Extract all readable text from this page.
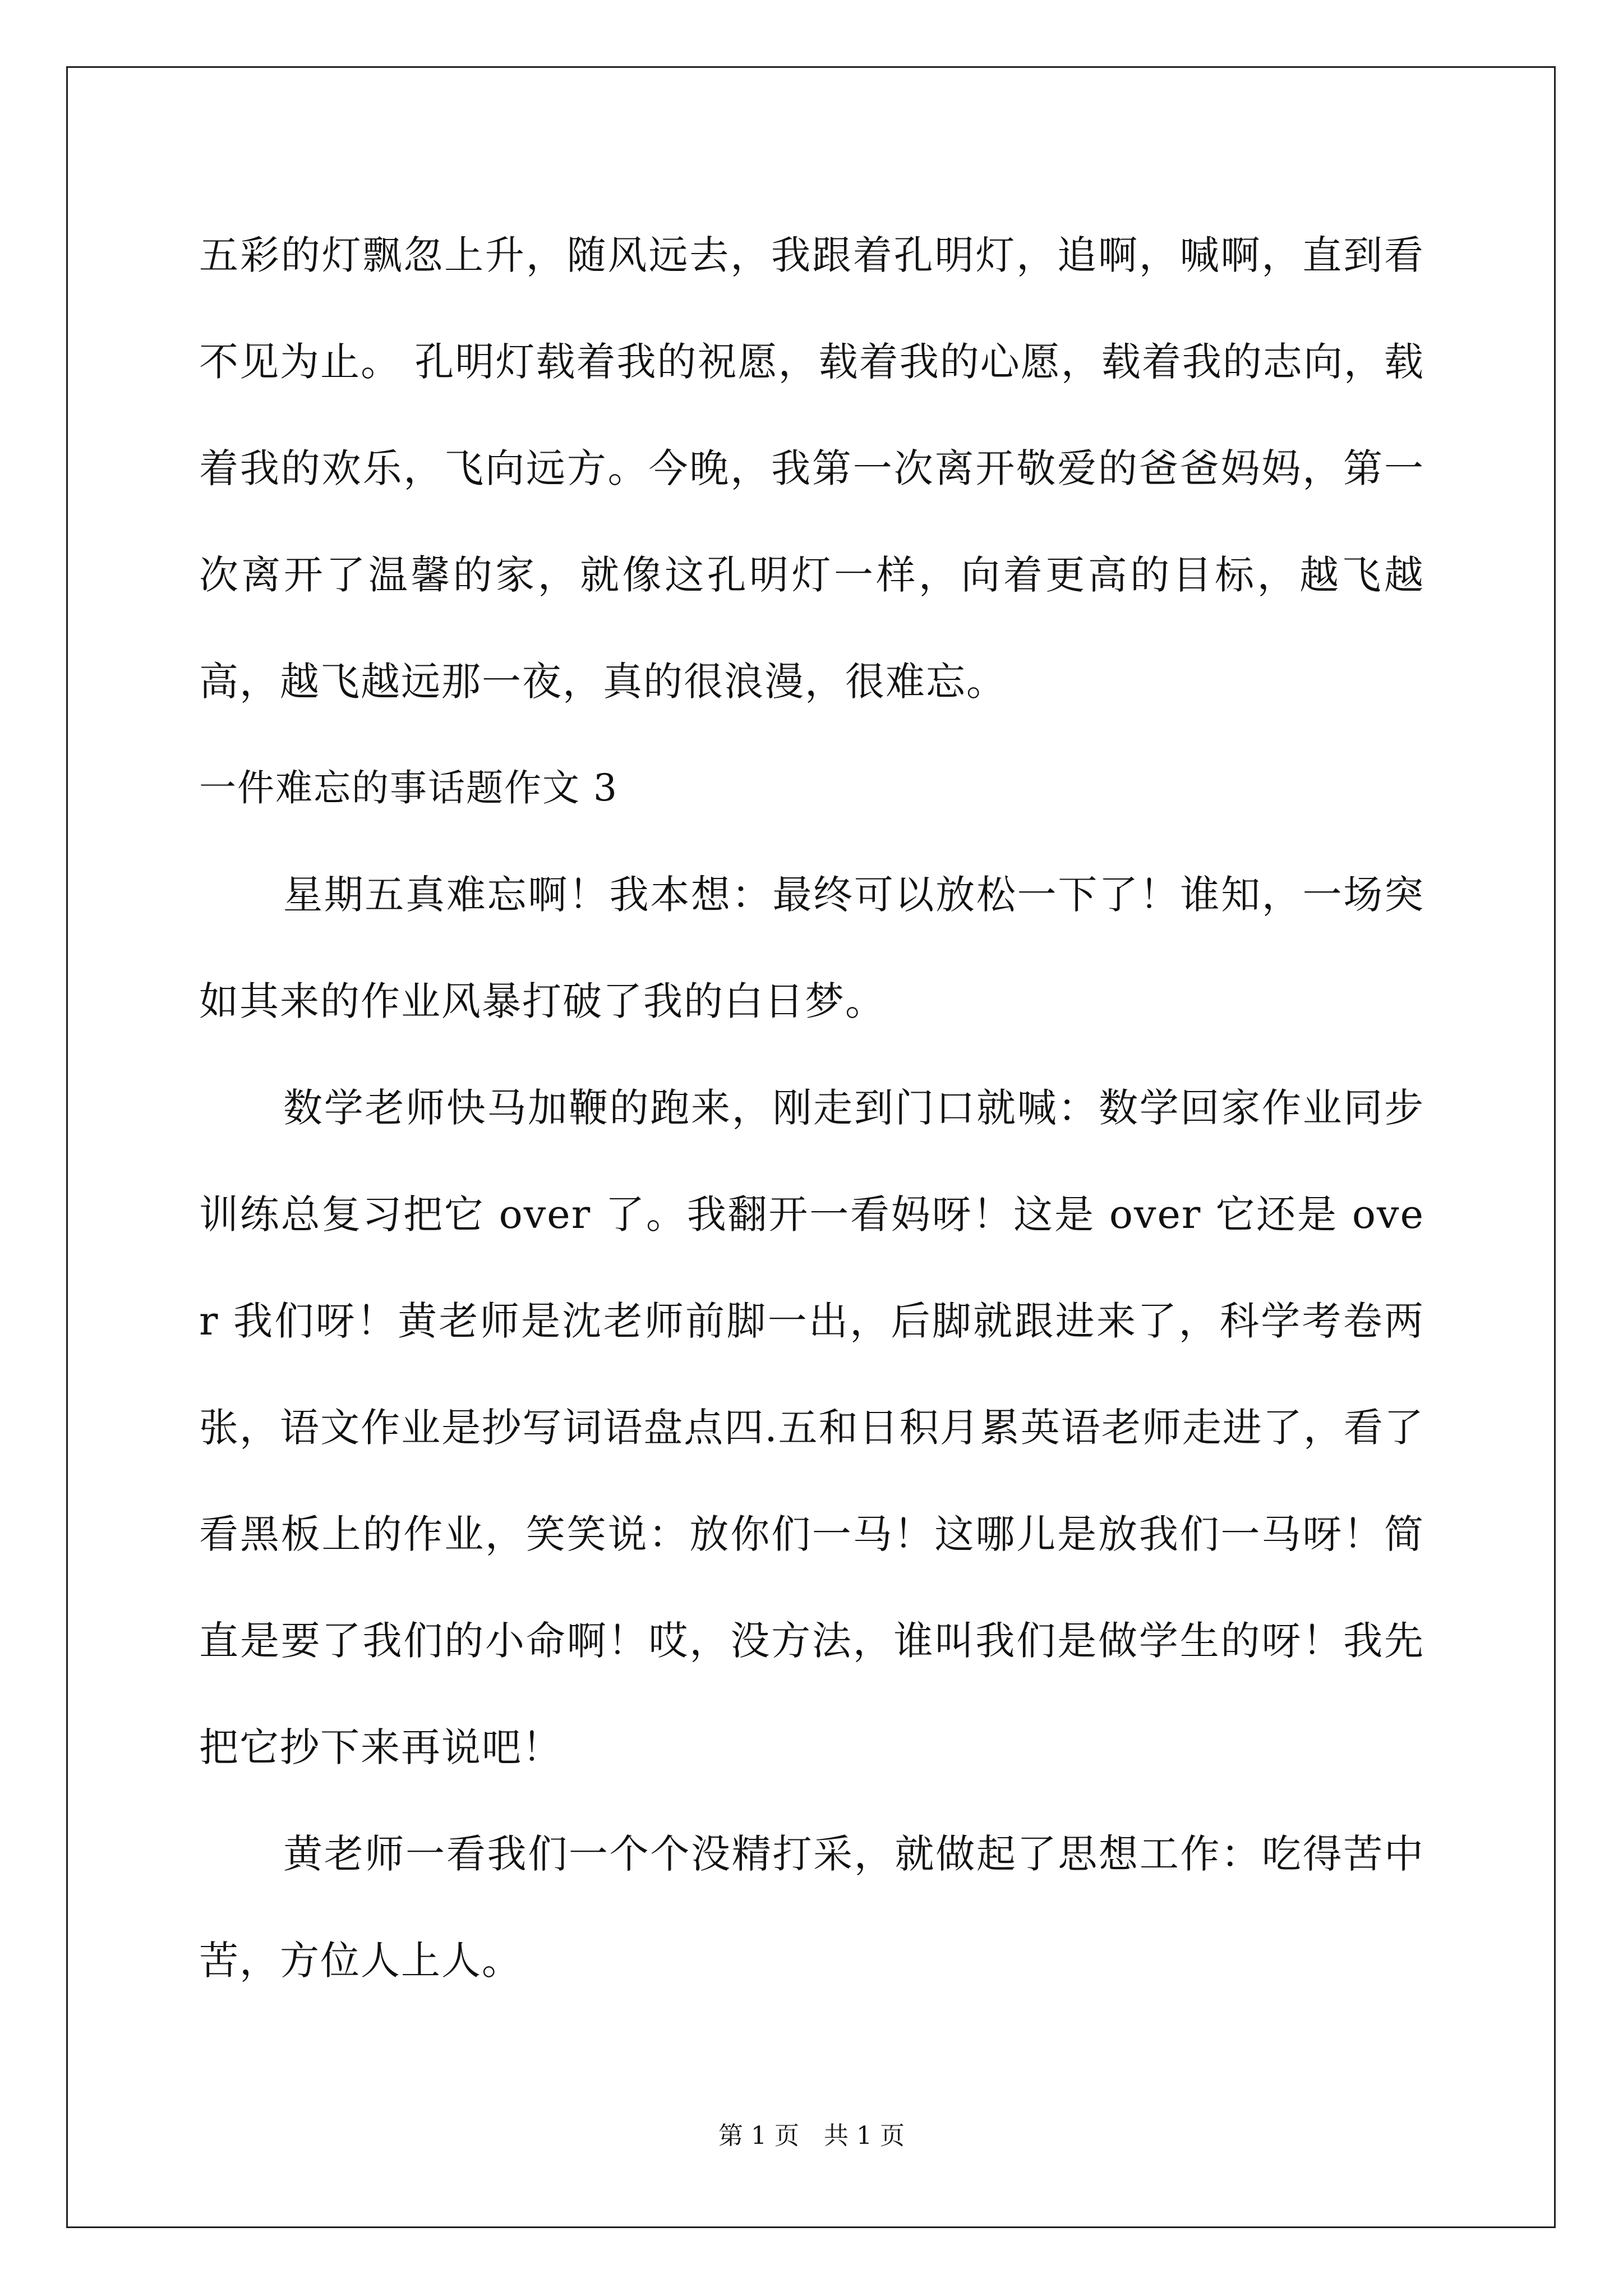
五彩的灯飘忽上升，随风远去，我跟着孔明灯，追啊，喊啊，直到看不见为止。 孔明灯载着我的祝愿，载着我的心愿，载着我的志向，载着我的欢乐，飞向远方。今晚，我第一次离开敬爱的爸爸妈妈，第一次离开了温馨的家，就像这孔明灯一样，向着更高的目标，越飞越高，越飞越远那一夜，真的很浪漫，很难忘。

一件难忘的事话题作文 3

星期五真难忘啊！我本想：最终可以放松一下了！谁知，一场突如其来的作业风暴打破了我的白日梦。

数学老师快马加鞭的跑来，刚走到门口就喊：数学回家作业同步训练总复习把它 over 了。我翻开一看妈呀！这是 over 它还是 over 我们呀！黄老师是沈老师前脚一出，后脚就跟进来了，科学考卷两张，语文作业是抄写词语盘点四.五和日积月累英语老师走进了，看了看黑板上的作业，笑笑说：放你们一马！这哪儿是放我们一马呀！简直是要了我们的小命啊！哎，没方法，谁叫我们是做学生的呀！我先把它抄下来再说吧！

黄老师一看我们一个个没精打采，就做起了思想工作：吃得苦中苦，方位人上人。

第 1 页　共 1 页
